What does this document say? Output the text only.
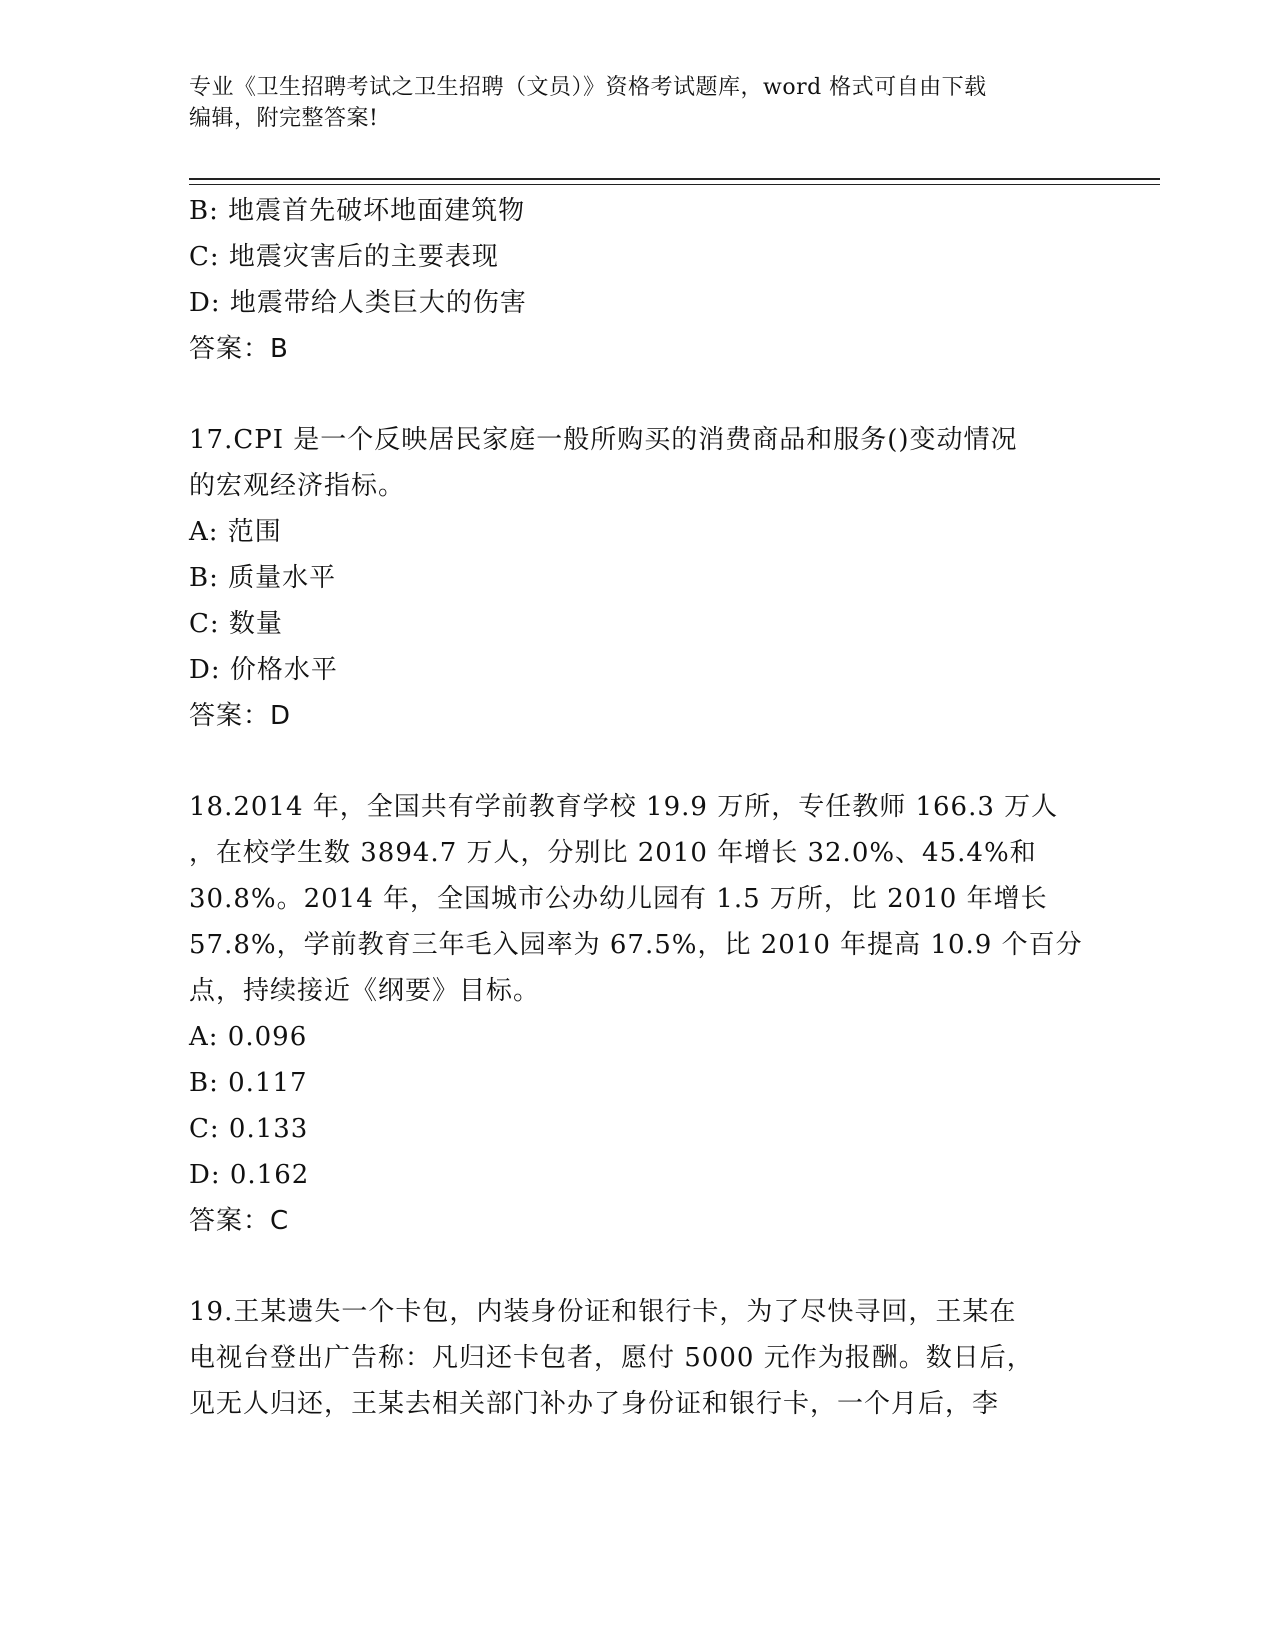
专业《卫生招聘考试之卫生招聘（文员）》资格考试题库，word 格式可自由下载
编辑，附完整答案!
B: 地震首先破坏地面建筑物
C: 地震灾害后的主要表现
D: 地震带给人类巨大的伤害
答案：B
17.CPI 是一个反映居民家庭一般所购买的消费商品和服务()变动情况
的宏观经济指标。
A: 范围
B: 质量水平
C: 数量
D: 价格水平
答案：D
18.2014 年，全国共有学前教育学校 19.9 万所，专任教师 166.3 万人
，在校学生数 3894.7 万人，分别比 2010 年增长 32.0%、45.4%和
30.8%。2014 年，全国城市公办幼儿园有 1.5 万所，比 2010 年增长
57.8%，学前教育三年毛入园率为 67.5%，比 2010 年提高 10.9 个百分
点，持续接近《纲要》目标。
A: 0.096
B: 0.117
C: 0.133
D: 0.162
答案：C
19.王某遗失一个卡包，内装身份证和银行卡，为了尽快寻回，王某在
电视台登出广告称：凡归还卡包者，愿付 5000 元作为报酬。数日后，
见无人归还，王某去相关部门补办了身份证和银行卡，一个月后，李
